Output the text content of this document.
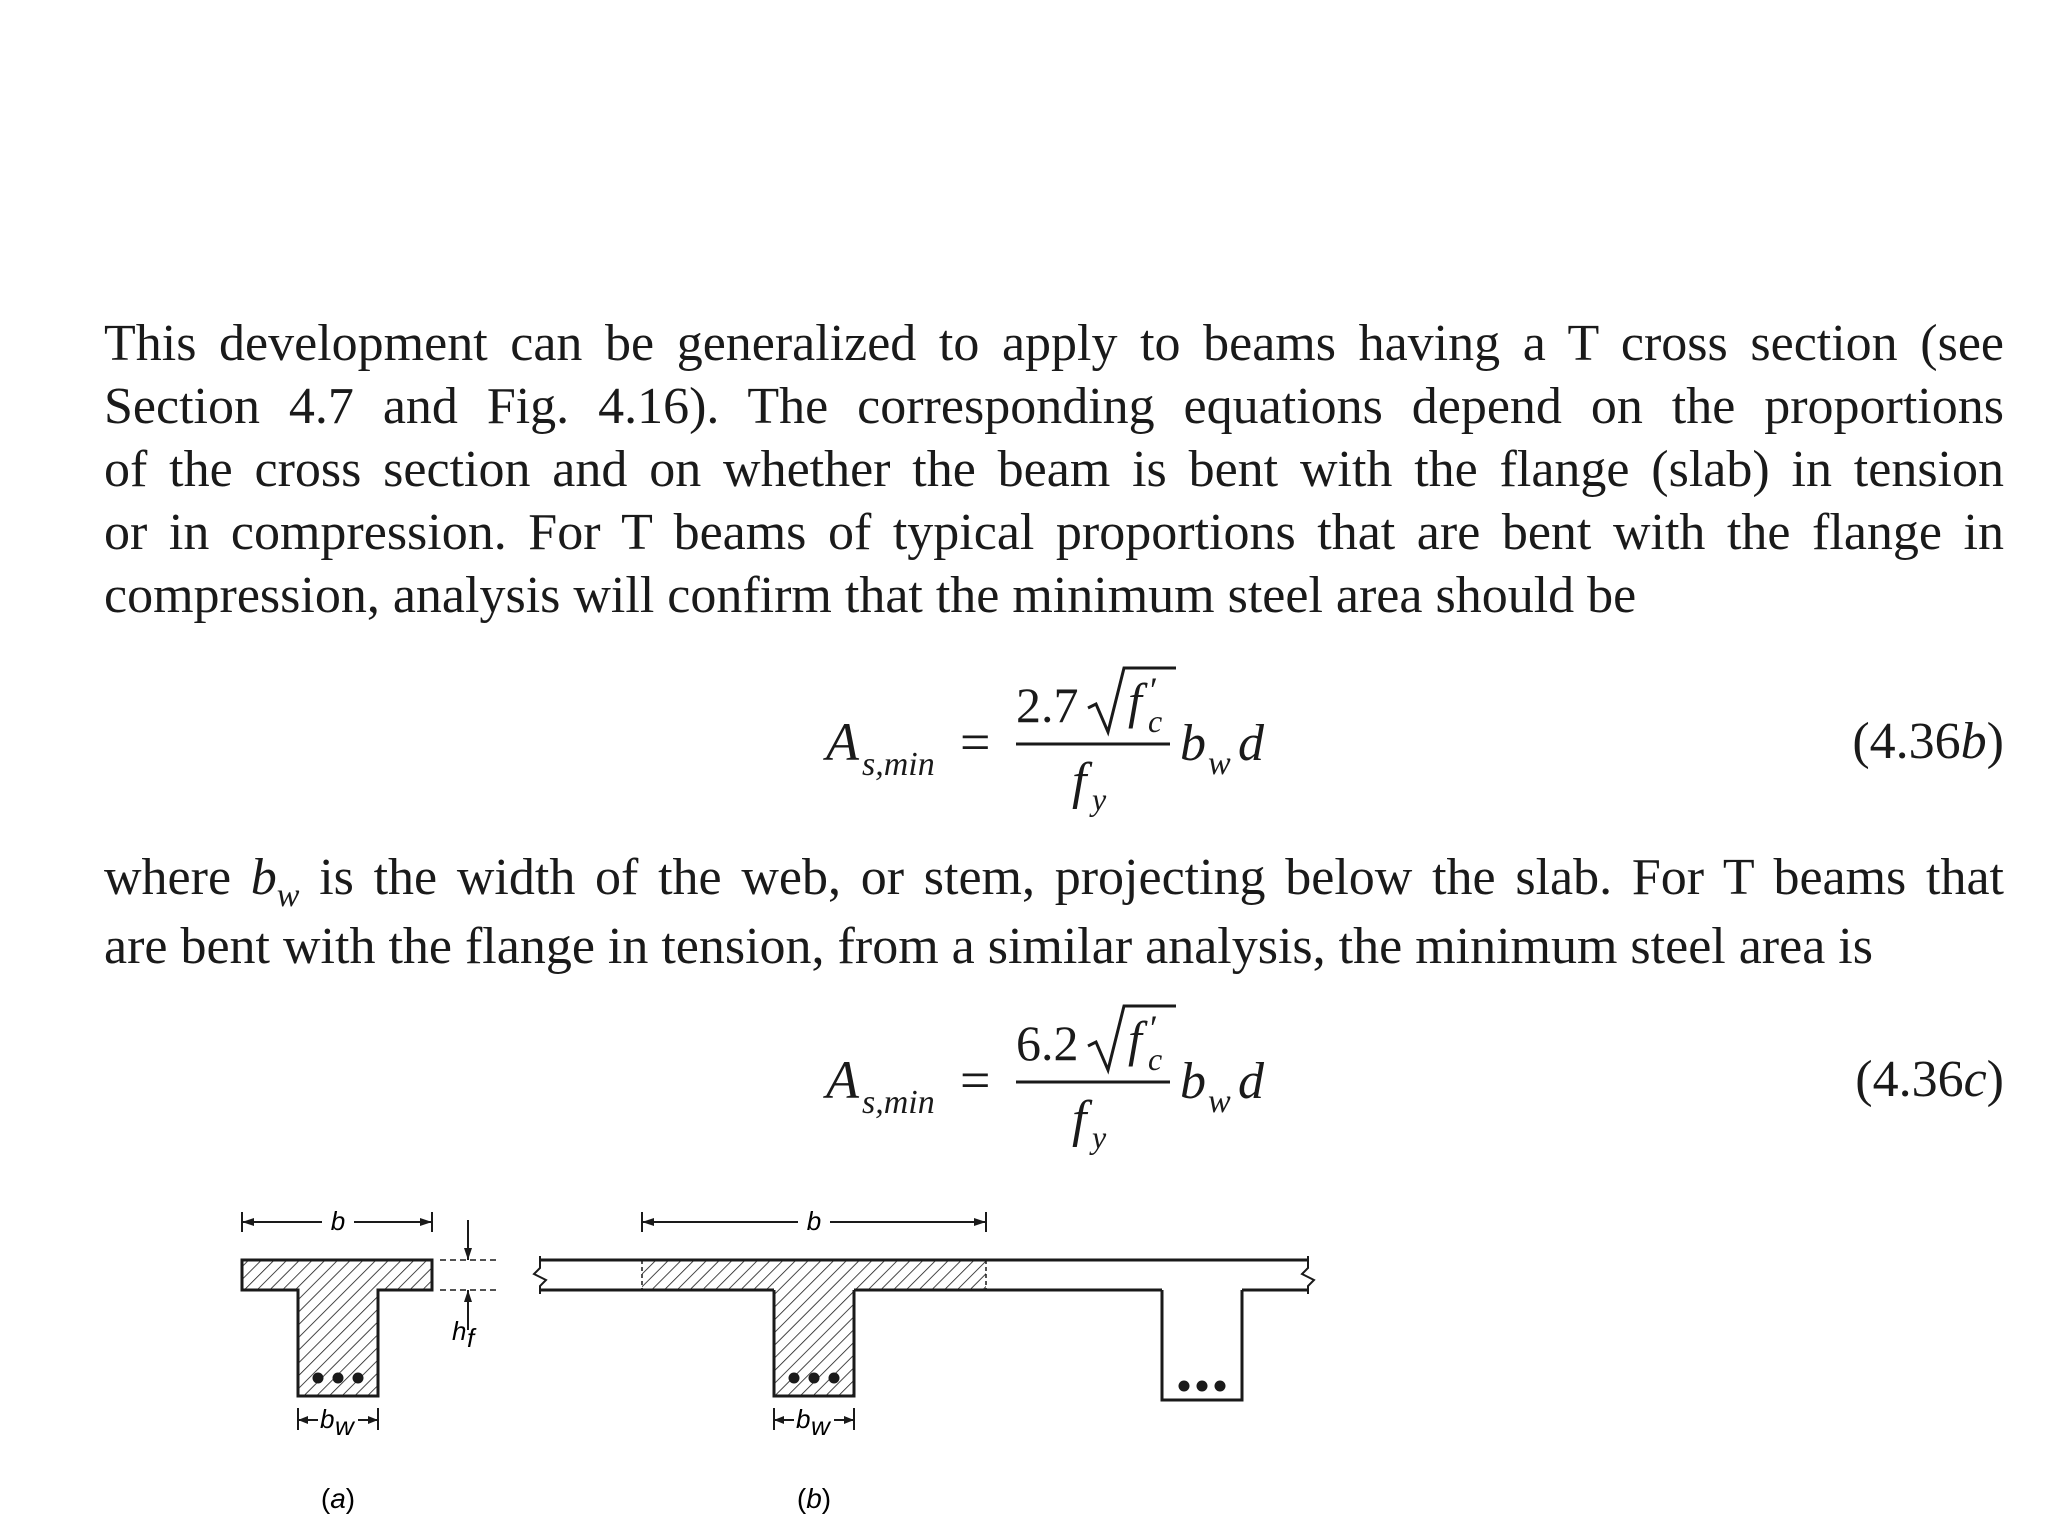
This development can be generalized to apply to beams having a T cross section (see
Section 4.7 and Fig. 4.16). The corresponding equations depend on the proportions
of the cross section and on whether the beam is bent with the flange (slab) in tension
or in compression. For T beams of typical proportions that are bent with the flange in
compression, analysis will confirm that the minimum steel area should be
A s,min =
2.7 f ′
c
f y
b w d	(4.36b)
where $b_w$ is the width of the web, or stem, projecting below the slab. For T beams that
are bent with the flange in tension, from a similar analysis, the minimum steel area is
A s,min =
6.2 f ′
c
f y
b w d	(4.36c)
b
h f
b w
(a)
b
b w
(b)
